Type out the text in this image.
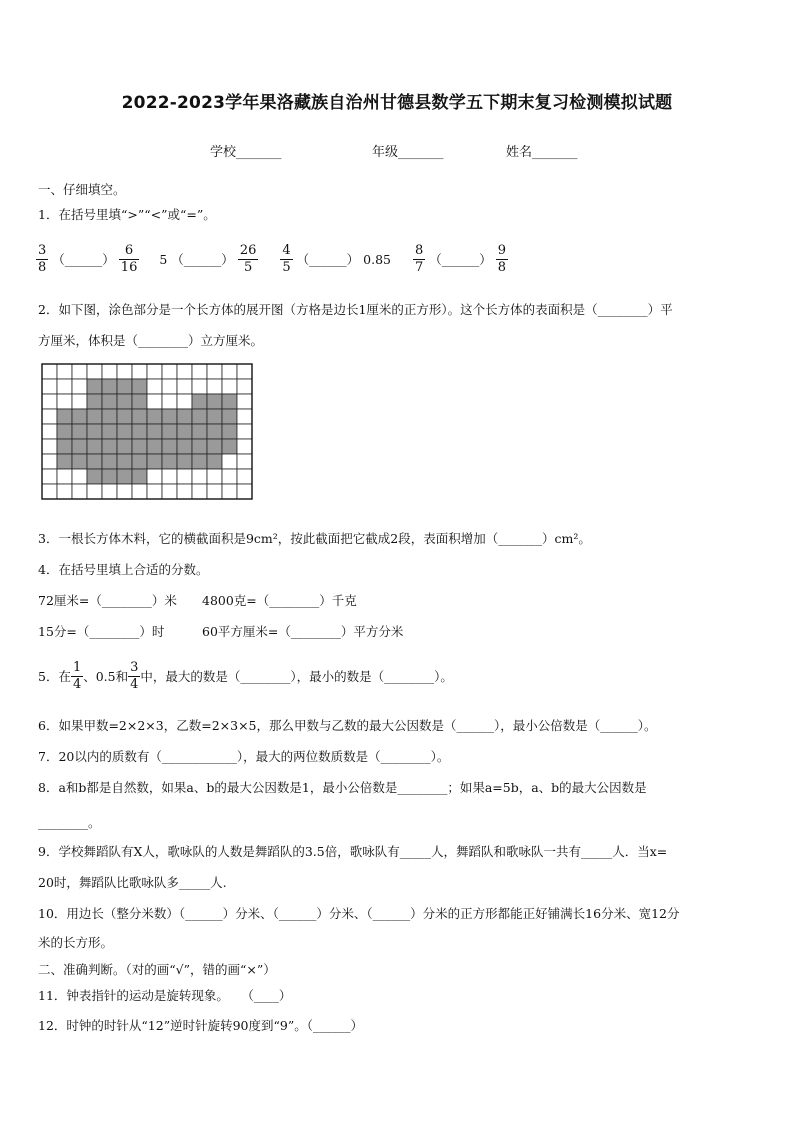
2022-2023学年果洛藏族自治州甘德县数学五下期末复习检测模拟试题
学校_______	年级_______	姓名_______
一、仔细填空。
1．在括号里填“>”“<”或“=”。
$\frac{3}{8}$ （______） $\frac{6}{16} 5$ （______） $\frac{26}{5} \frac{4}{5}$ （______） $0.85 \frac{8}{7}$ （______） $\frac{9}{8}$
2．如下图，涂色部分是一个长方体的展开图（方格是边长1厘米的正方形）。这个长方体的表面积是（________）平
方厘米，体积是（________）立方厘米。
3．一根长方体木料，它的横截面积是9cm²，按此截面把它截成2段，表面积增加（_______）cm²。
4．在括号里填上合适的分数。
72厘米=（________）米 4800克=（________）千克
15分=（________）时	60平方厘米=（________）平方分米
5．在 $\frac{1}{4}$ 、0.5和 $\frac{3}{4}$ 中，最大的数是（________），最小的数是（________）。
6．如果甲数=2×2×3，乙数=2×3×5，那么甲数与乙数的最大公因数是（______），最小公倍数是（______）。
7．20以内的质数有（____________），最大的两位数质数是（________）。
8．a和b都是自然数，如果a、b的最大公因数是1，最小公倍数是________；如果a=5b，a、b的最大公因数是
________。
9．学校舞蹈队有X人，歌咏队的人数是舞蹈队的3.5倍，歌咏队有_____人，舞蹈队和歌咏队一共有_____人．当x=
20时，舞蹈队比歌咏队多_____人.
10．用边长（整分米数）（______）分米、（______）分米、（______）分米的正方形都能正好铺满长16分米、宽12分
米的长方形。
二、准确判断。（对的画“√”，错的画“×”）
11．钟表指针的运动是旋转现象。　　（____）
12．时钟的时针从“12”逆时针旋转90度到“9”。（______）
